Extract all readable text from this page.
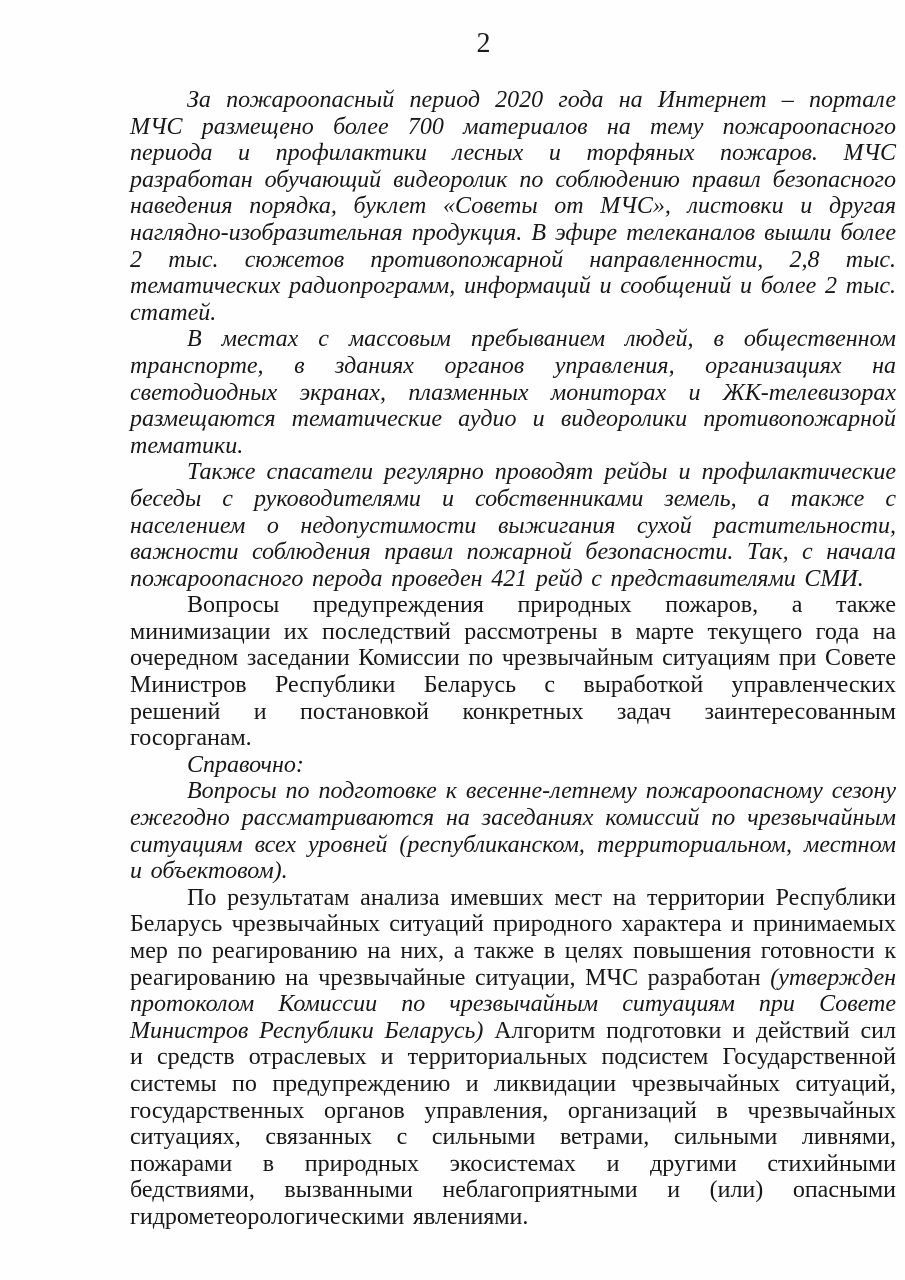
2

За пожароопасный период 2020 года на Интернет – портале МЧС размещено более 700 материалов на тему пожароопасного периода и профилактики лесных и торфяных пожаров. МЧС разработан обучающий видеоролик по соблюдению правил безопасного наведения порядка, буклет «Советы от МЧС», листовки и другая наглядно-изобразительная продукция. В эфире телеканалов вышли более 2 тыс. сюжетов противопожарной направленности, 2,8 тыс. тематических радиопрограмм, информаций и сообщений и более 2 тыс. статей.

В местах с массовым пребыванием людей, в общественном транспорте, в зданиях органов управления, организациях на светодиодных экранах, плазменных мониторах и ЖК-телевизорах размещаются тематические аудио и видеоролики противопожарной тематики.

Также спасатели регулярно проводят рейды и профилактические беседы с руководителями и собственниками земель, а также с населением о недопустимости выжигания сухой растительности, важности соблюдения правил пожарной безопасности. Так, с начала пожароопасного перода проведен 421 рейд с представителями СМИ.

Вопросы предупреждения природных пожаров, а также минимизации их последствий рассмотрены в марте текущего года на очередном заседании Комиссии по чрезвычайным ситуациям при Совете Министров Республики Беларусь с выработкой управленческих решений и постановкой конкретных задач заинтересованным госорганам.

Справочно:

Вопросы по подготовке к весенне-летнему пожароопасному сезону ежегодно рассматриваются на заседаниях комиссий по чрезвычайным ситуациям всех уровней (республиканском, территориальном, местном и объектовом).

По результатам анализа имевших мест на территории Республики Беларусь чрезвычайных ситуаций природного характера и принимаемых мер по реагированию на них, а также в целях повышения готовности к реагированию на чрезвычайные ситуации, МЧС разработан (утвержден протоколом Комиссии по чрезвычайным ситуациям при Совете Министров Республики Беларусь) Алгоритм подготовки и действий сил и средств отраслевых и территориальных подсистем Государственной системы по предупреждению и ликвидации чрезвычайных ситуаций, государственных органов управления, организаций в чрезвычайных ситуациях, связанных с сильными ветрами, сильными ливнями, пожарами в природных экосистемах и другими стихийными бедствиями, вызванными неблагоприятными и (или) опасными гидрометеорологическими явлениями.
